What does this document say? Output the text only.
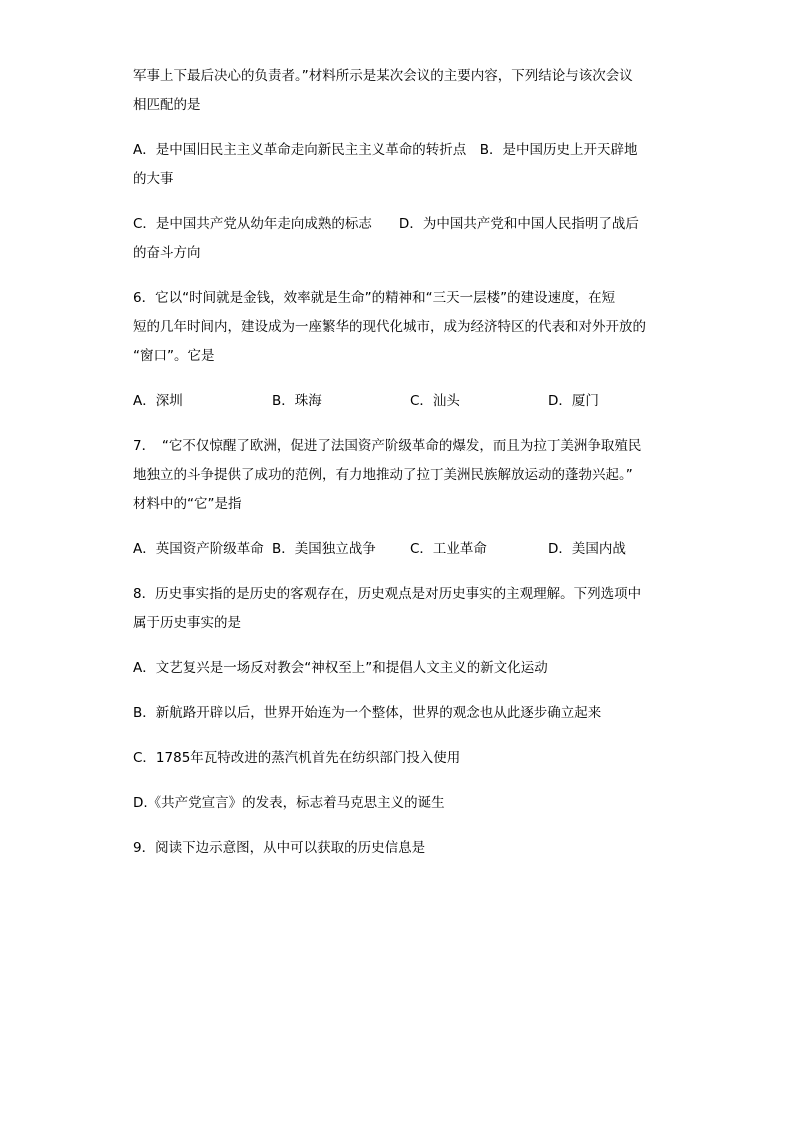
军事上下最后决心的负责者。”材料所示是某次会议的主要内容，下列结论与该次会议
相匹配的是
A．是中国旧民主主义革命走向新民主主义革命的转折点　B．是中国历史上开天辟地
的大事
C．是中国共产党从幼年走向成熟的标志　　D．为中国共产党和中国人民指明了战后
的奋斗方向
6．它以“时间就是金钱，效率就是生命”的精神和“三天一层楼”的建设速度，在短
短的几年时间内，建设成为一座繁华的现代化城市，成为经济特区的代表和对外开放的
“窗口”。它是
A．深圳	B．珠海	C．汕头	D．厦门
7．　“它不仅惊醒了欧洲，促进了法国资产阶级革命的爆发，而且为拉丁美洲争取殖民
地独立的斗争提供了成功的范例，有力地推动了拉丁美洲民族解放运动的蓬勃兴起。”
材料中的“它”是指
A．英国资产阶级革命 B．美国独立战争	C．工业革命	D．美国内战
8．历史事实指的是历史的客观存在，历史观点是对历史事实的主观理解。下列选项中
属于历史事实的是
A．文艺复兴是一场反对教会“神权至上”和提倡人文主义的新文化运动
B．新航路开辟以后，世界开始连为一个整体，世界的观念也从此逐步确立起来
C．1785年瓦特改进的蒸汽机首先在纺织部门投入使用
D.《共产党宣言》的发表，标志着马克思主义的诞生
9．阅读下边示意图，从中可以获取的历史信息是
